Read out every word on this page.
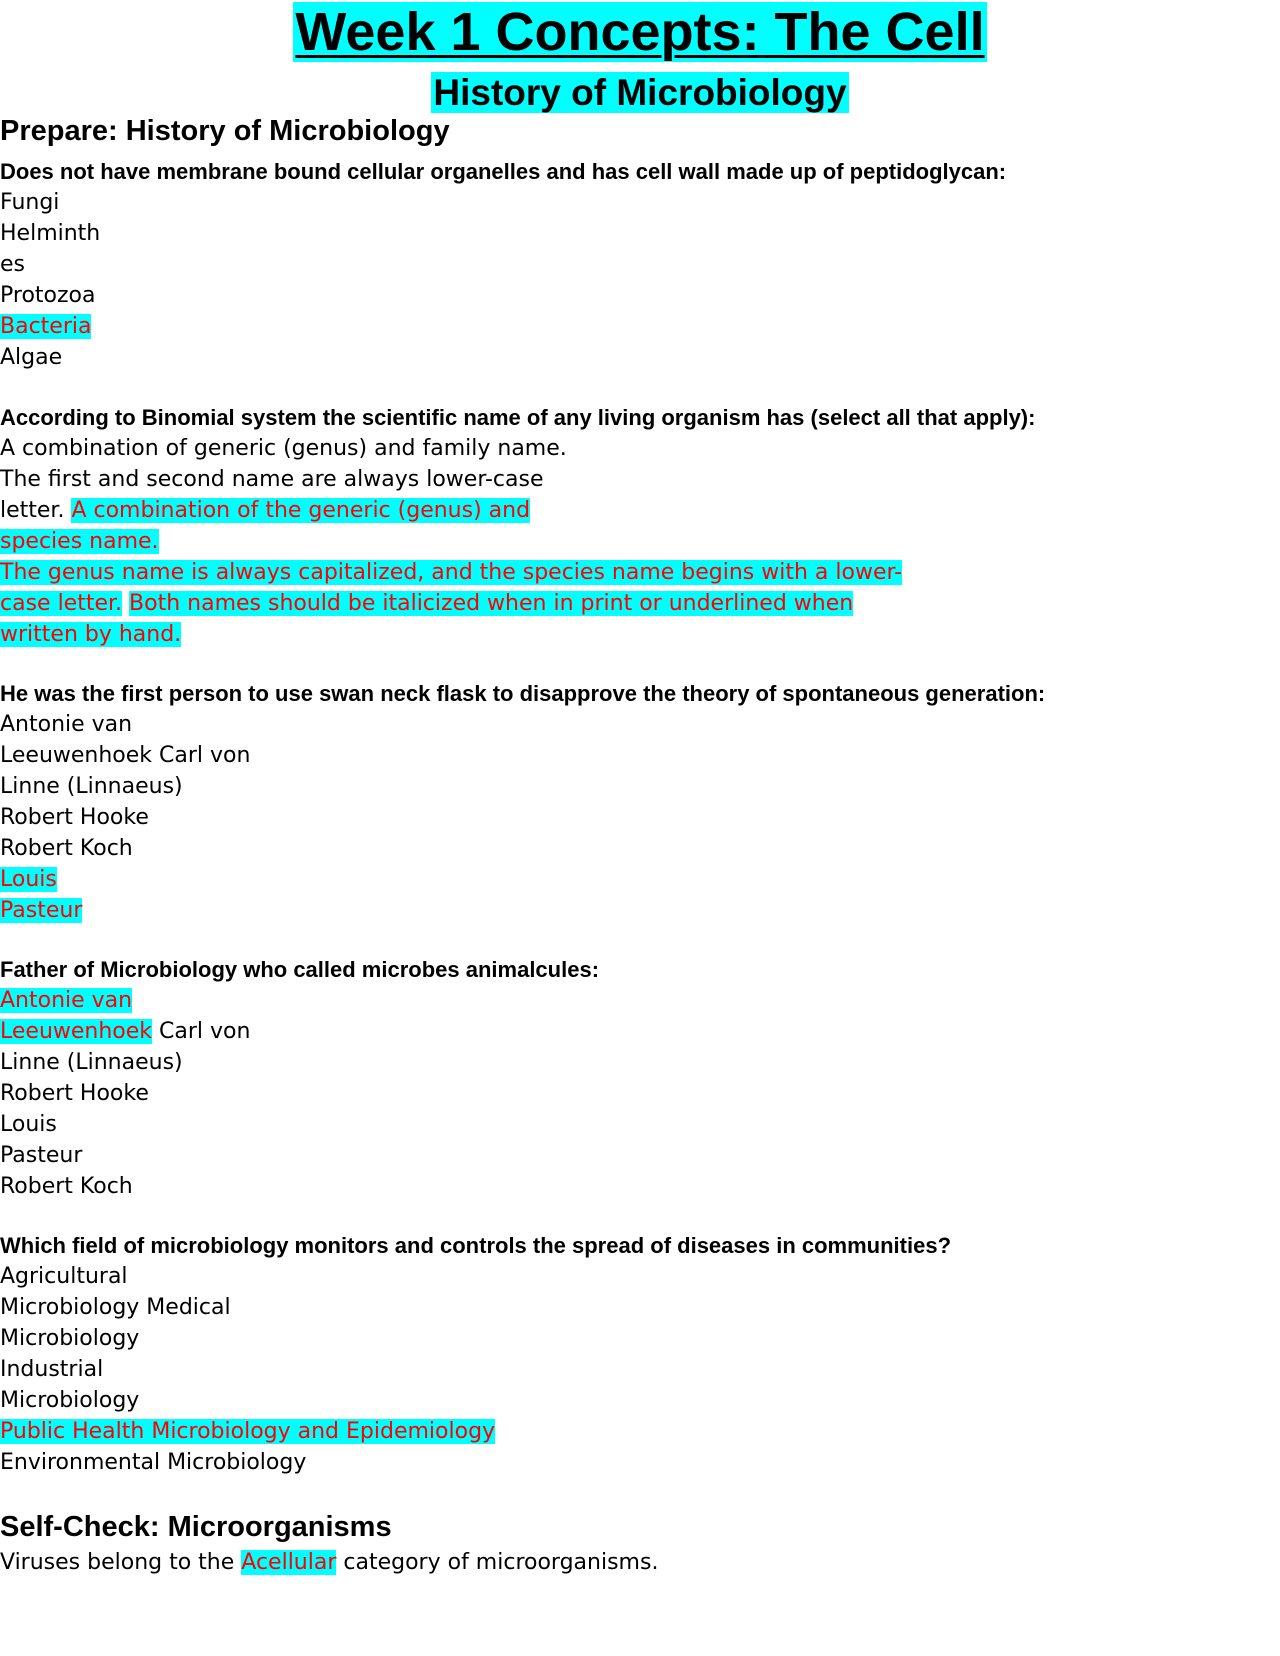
Week 1 Concepts: The Cell
History of Microbiology
Prepare: History of Microbiology
Does not have membrane bound cellular organelles and has cell wall made up of peptidoglycan:
Fungi
Helminth
es
Protozoa
Bacteria
Algae
According to Binomial system the scientific name of any living organism has (select all that apply):
A combination of generic (genus) and family name.
The first and second name are always lower-case
letter. A combination of the generic (genus) and
species name.
The genus name is always capitalized, and the species name begins with a lower-
case letter. Both names should be italicized when in print or underlined when
written by hand.
He was the first person to use swan neck flask to disapprove the theory of spontaneous generation:
Antonie van
Leeuwenhoek Carl von
Linne (Linnaeus)
Robert Hooke
Robert Koch
Louis
Pasteur
Father of Microbiology who called microbes animalcules:
Antonie van
Leeuwenhoek Carl von
Linne (Linnaeus)
Robert Hooke
Louis
Pasteur
Robert Koch
Which field of microbiology monitors and controls the spread of diseases in communities?
Agricultural
Microbiology Medical
Microbiology
Industrial
Microbiology
Public Health Microbiology and Epidemiology
Environmental Microbiology
Self-Check: Microorganisms
Viruses belong to the Acellular category of microorganisms.
